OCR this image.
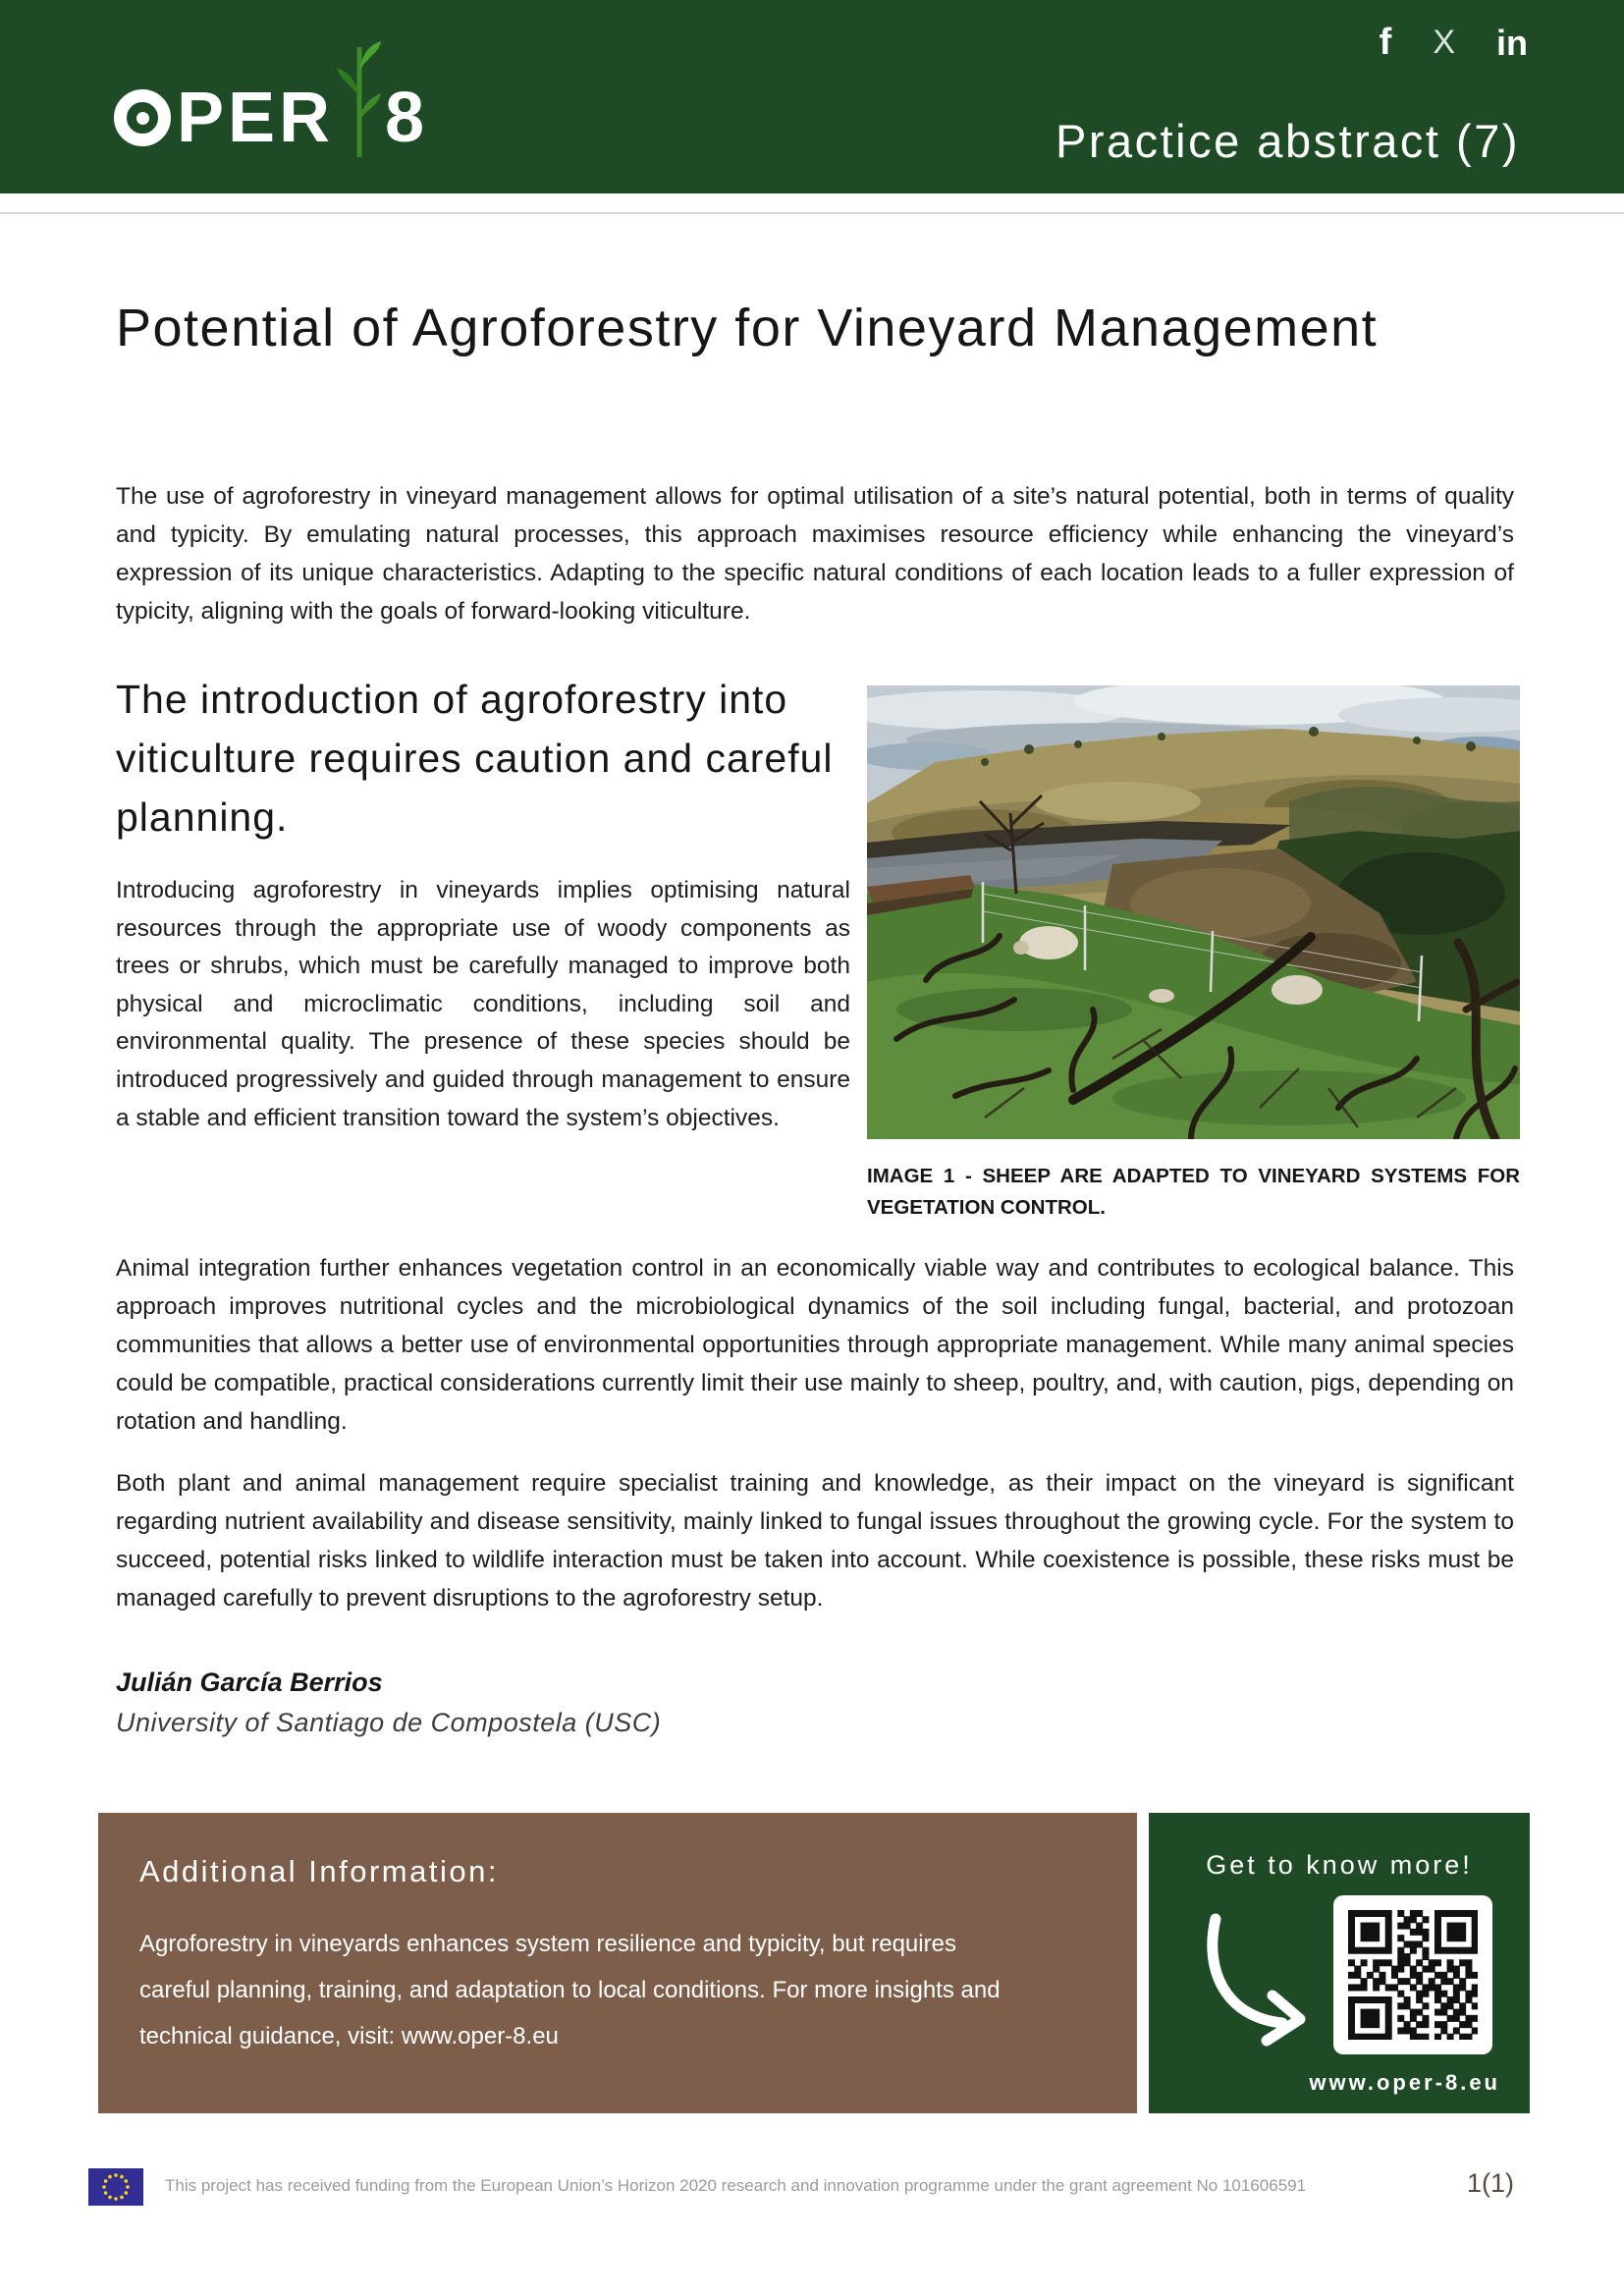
PER 8
f X in
Practice abstract (7)
Potential of Agroforestry for Vineyard Management

The use of agroforestry in vineyard management allows for optimal utilisation of a site’s natural potential, both in terms of quality and typicity. By emulating natural processes, this approach maximises resource efficiency while enhancing the vineyard’s expression of its unique characteristics. Adapting to the specific natural conditions of each location leads to a fuller expression of typicity, aligning with the goals of forward-looking viticulture.

The introduction of agroforestry into viticulture requires caution and careful planning.

Introducing agroforestry in vineyards implies optimising natural resources through the appropriate use of woody components as trees or shrubs, which must be carefully managed to improve both physical and microclimatic conditions, including soil and environmental quality. The presence of these species should be introduced progressively and guided through management to ensure a stable and efficient transition toward the system’s objectives.

IMAGE 1 - SHEEP ARE ADAPTED TO VINEYARD SYSTEMS FOR VEGETATION CONTROL.

Animal integration further enhances vegetation control in an economically viable way and contributes to ecological balance. This approach improves nutritional cycles and the microbiological dynamics of the soil including fungal, bacterial, and protozoan communities that allows a better use of environmental opportunities through appropriate management. While many animal species could be compatible, practical considerations currently limit their use mainly to sheep, poultry, and, with caution, pigs, depending on rotation and handling.

Both plant and animal management require specialist training and knowledge, as their impact on the vineyard is significant regarding nutrient availability and disease sensitivity, mainly linked to fungal issues throughout the growing cycle. For the system to succeed, potential risks linked to wildlife interaction must be taken into account. While coexistence is possible, these risks must be managed carefully to prevent disruptions to the agroforestry setup.

Julián García Berrios
University of Santiago de Compostela (USC)
Additional Information:

Agroforestry in vineyards enhances system resilience and typicity, but requires careful planning, training, and adaptation to local conditions. For more insights and technical guidance, visit: www.oper-8.eu

Get to know more!
www.oper-8.eu
This project has received funding from the European Union’s Horizon 2020 research and innovation programme under the grant agreement No 101606591	1(1)
